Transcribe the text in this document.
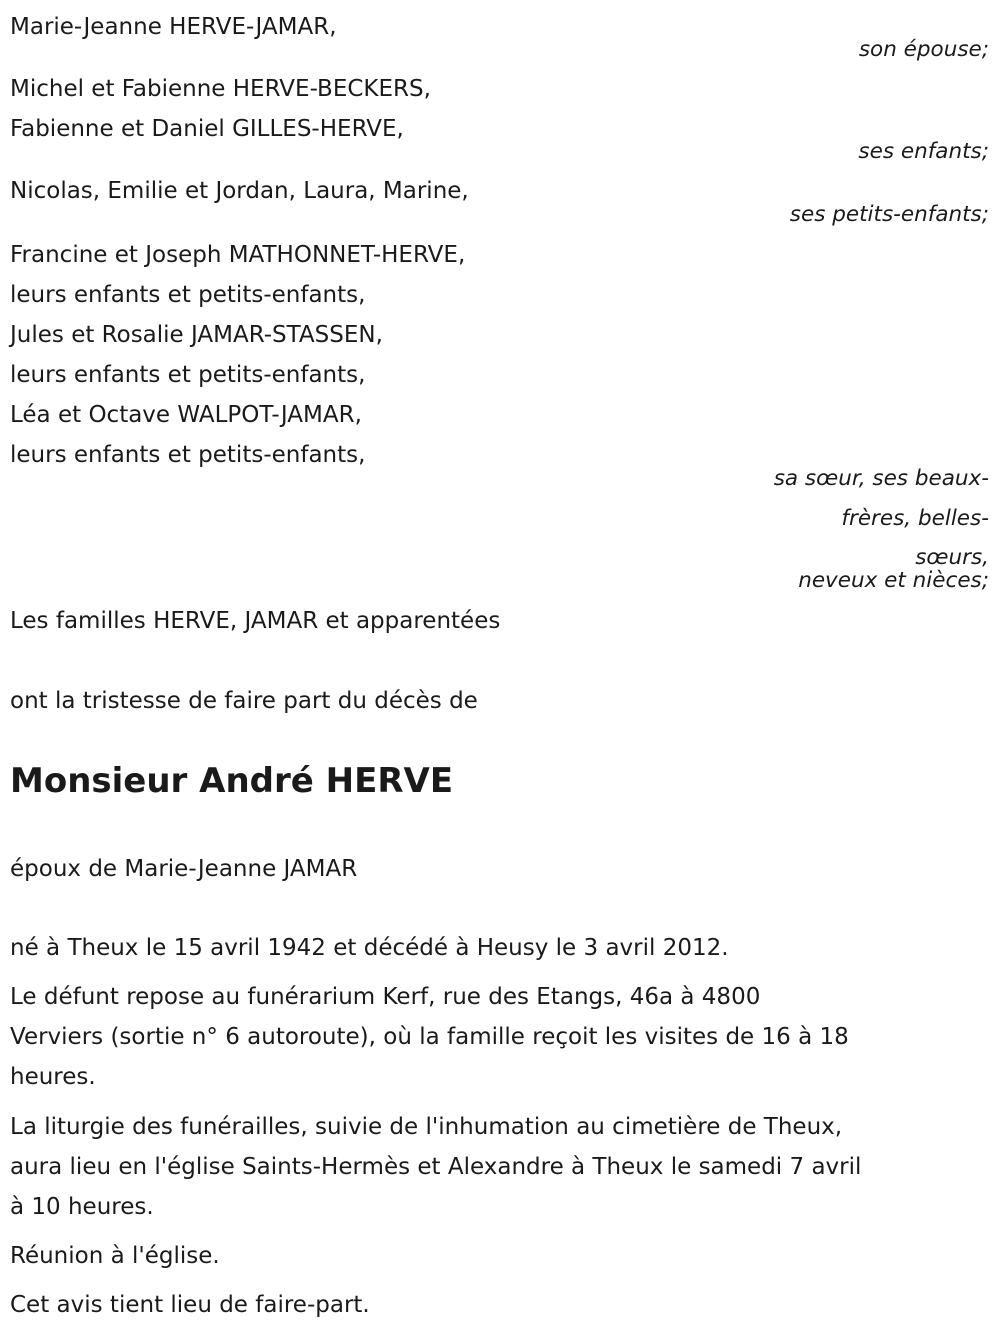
Marie-Jeanne HERVE-JAMAR,
son épouse;
Michel et Fabienne HERVE-BECKERS,
Fabienne et Daniel GILLES-HERVE,
ses enfants;
Nicolas, Emilie et Jordan, Laura, Marine,
ses petits-enfants;
Francine et Joseph MATHONNET-HERVE,
leurs enfants et petits-enfants,
Jules et Rosalie JAMAR-STASSEN,
leurs enfants et petits-enfants,
Léa et Octave WALPOT-JAMAR,
leurs enfants et petits-enfants,
sa sœur, ses beaux-
frères, belles-
sœurs,
neveux et nièces;
Les familles HERVE, JAMAR et apparentées
ont la tristesse de faire part du décès de
Monsieur André HERVE
époux de Marie-Jeanne JAMAR
né à Theux le 15 avril 1942 et décédé à Heusy le 3 avril 2012.
Le défunt repose au funérarium Kerf, rue des Etangs, 46a à 4800
Verviers (sortie n° 6 autoroute), où la famille reçoit les visites de 16 à 18
heures.
La liturgie des funérailles, suivie de l'inhumation au cimetière de Theux,
aura lieu en l'église Saints-Hermès et Alexandre à Theux le samedi 7 avril
à 10 heures.
Réunion à l'église.
Cet avis tient lieu de faire-part.
